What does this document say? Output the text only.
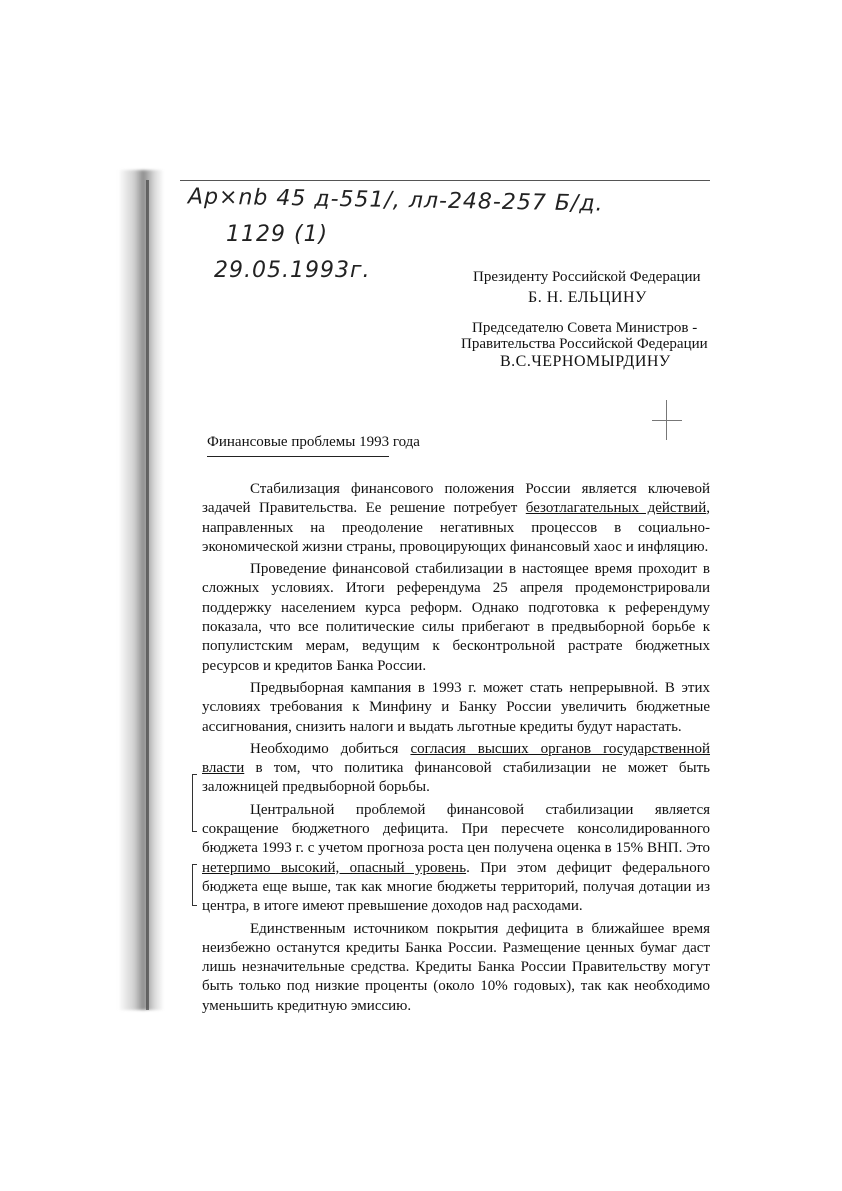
Ар×nb 45 д-551/, лл-248-257 Б/д.
1129 (1)
29.05.1993г.	Президенту Российской Федерации
Б. Н. ЕЛЬЦИНУ
Председателю Совета Министров -
Правительства Российской Федерации
В.С.ЧЕРНОМЫРДИНУ
Финансовые проблемы 1993 года

Стабилизация финансового положения России является ключевой задачей Правительства. Ее решение потребует безотлагательных действий, направленных на преодоление негативных процессов в социально-экономической жизни страны, провоцирующих финансовый хаос и инфляцию.

Проведение финансовой стабилизации в настоящее время проходит в сложных условиях. Итоги референдума 25 апреля продемонстрировали поддержку населением курса реформ. Однако подготовка к референдуму показала, что все политические силы прибегают в предвыборной борьбе к популистским мерам, ведущим к бесконтрольной растрате бюджетных ресурсов и кредитов Банка России.

Предвыборная кампания в 1993 г. может стать непрерывной. В этих условиях требования к Минфину и Банку России увеличить бюджетные ассигнования, снизить налоги и выдать льготные кредиты будут нарастать.

Необходимо добиться согласия высших органов государственной власти в том, что политика финансовой стабилизации не может быть заложницей предвыборной борьбы.

Центральной проблемой финансовой стабилизации является сокращение бюджетного дефицита. При пересчете консолидированного бюджета 1993 г. с учетом прогноза роста цен получена оценка в 15% ВНП. Это нетерпимо высокий, опасный уровень. При этом дефицит федерального бюджета еще выше, так как многие бюджеты территорий, получая дотации из центра, в итоге имеют превышение доходов над расходами.

Единственным источником покрытия дефицита в ближайшее время неизбежно останутся кредиты Банка России. Размещение ценных бумаг даст лишь незначительные средства. Кредиты Банка России Правительству могут быть только под низкие проценты (около 10% годовых), так как необходимо уменьшить кредитную эмиссию.
